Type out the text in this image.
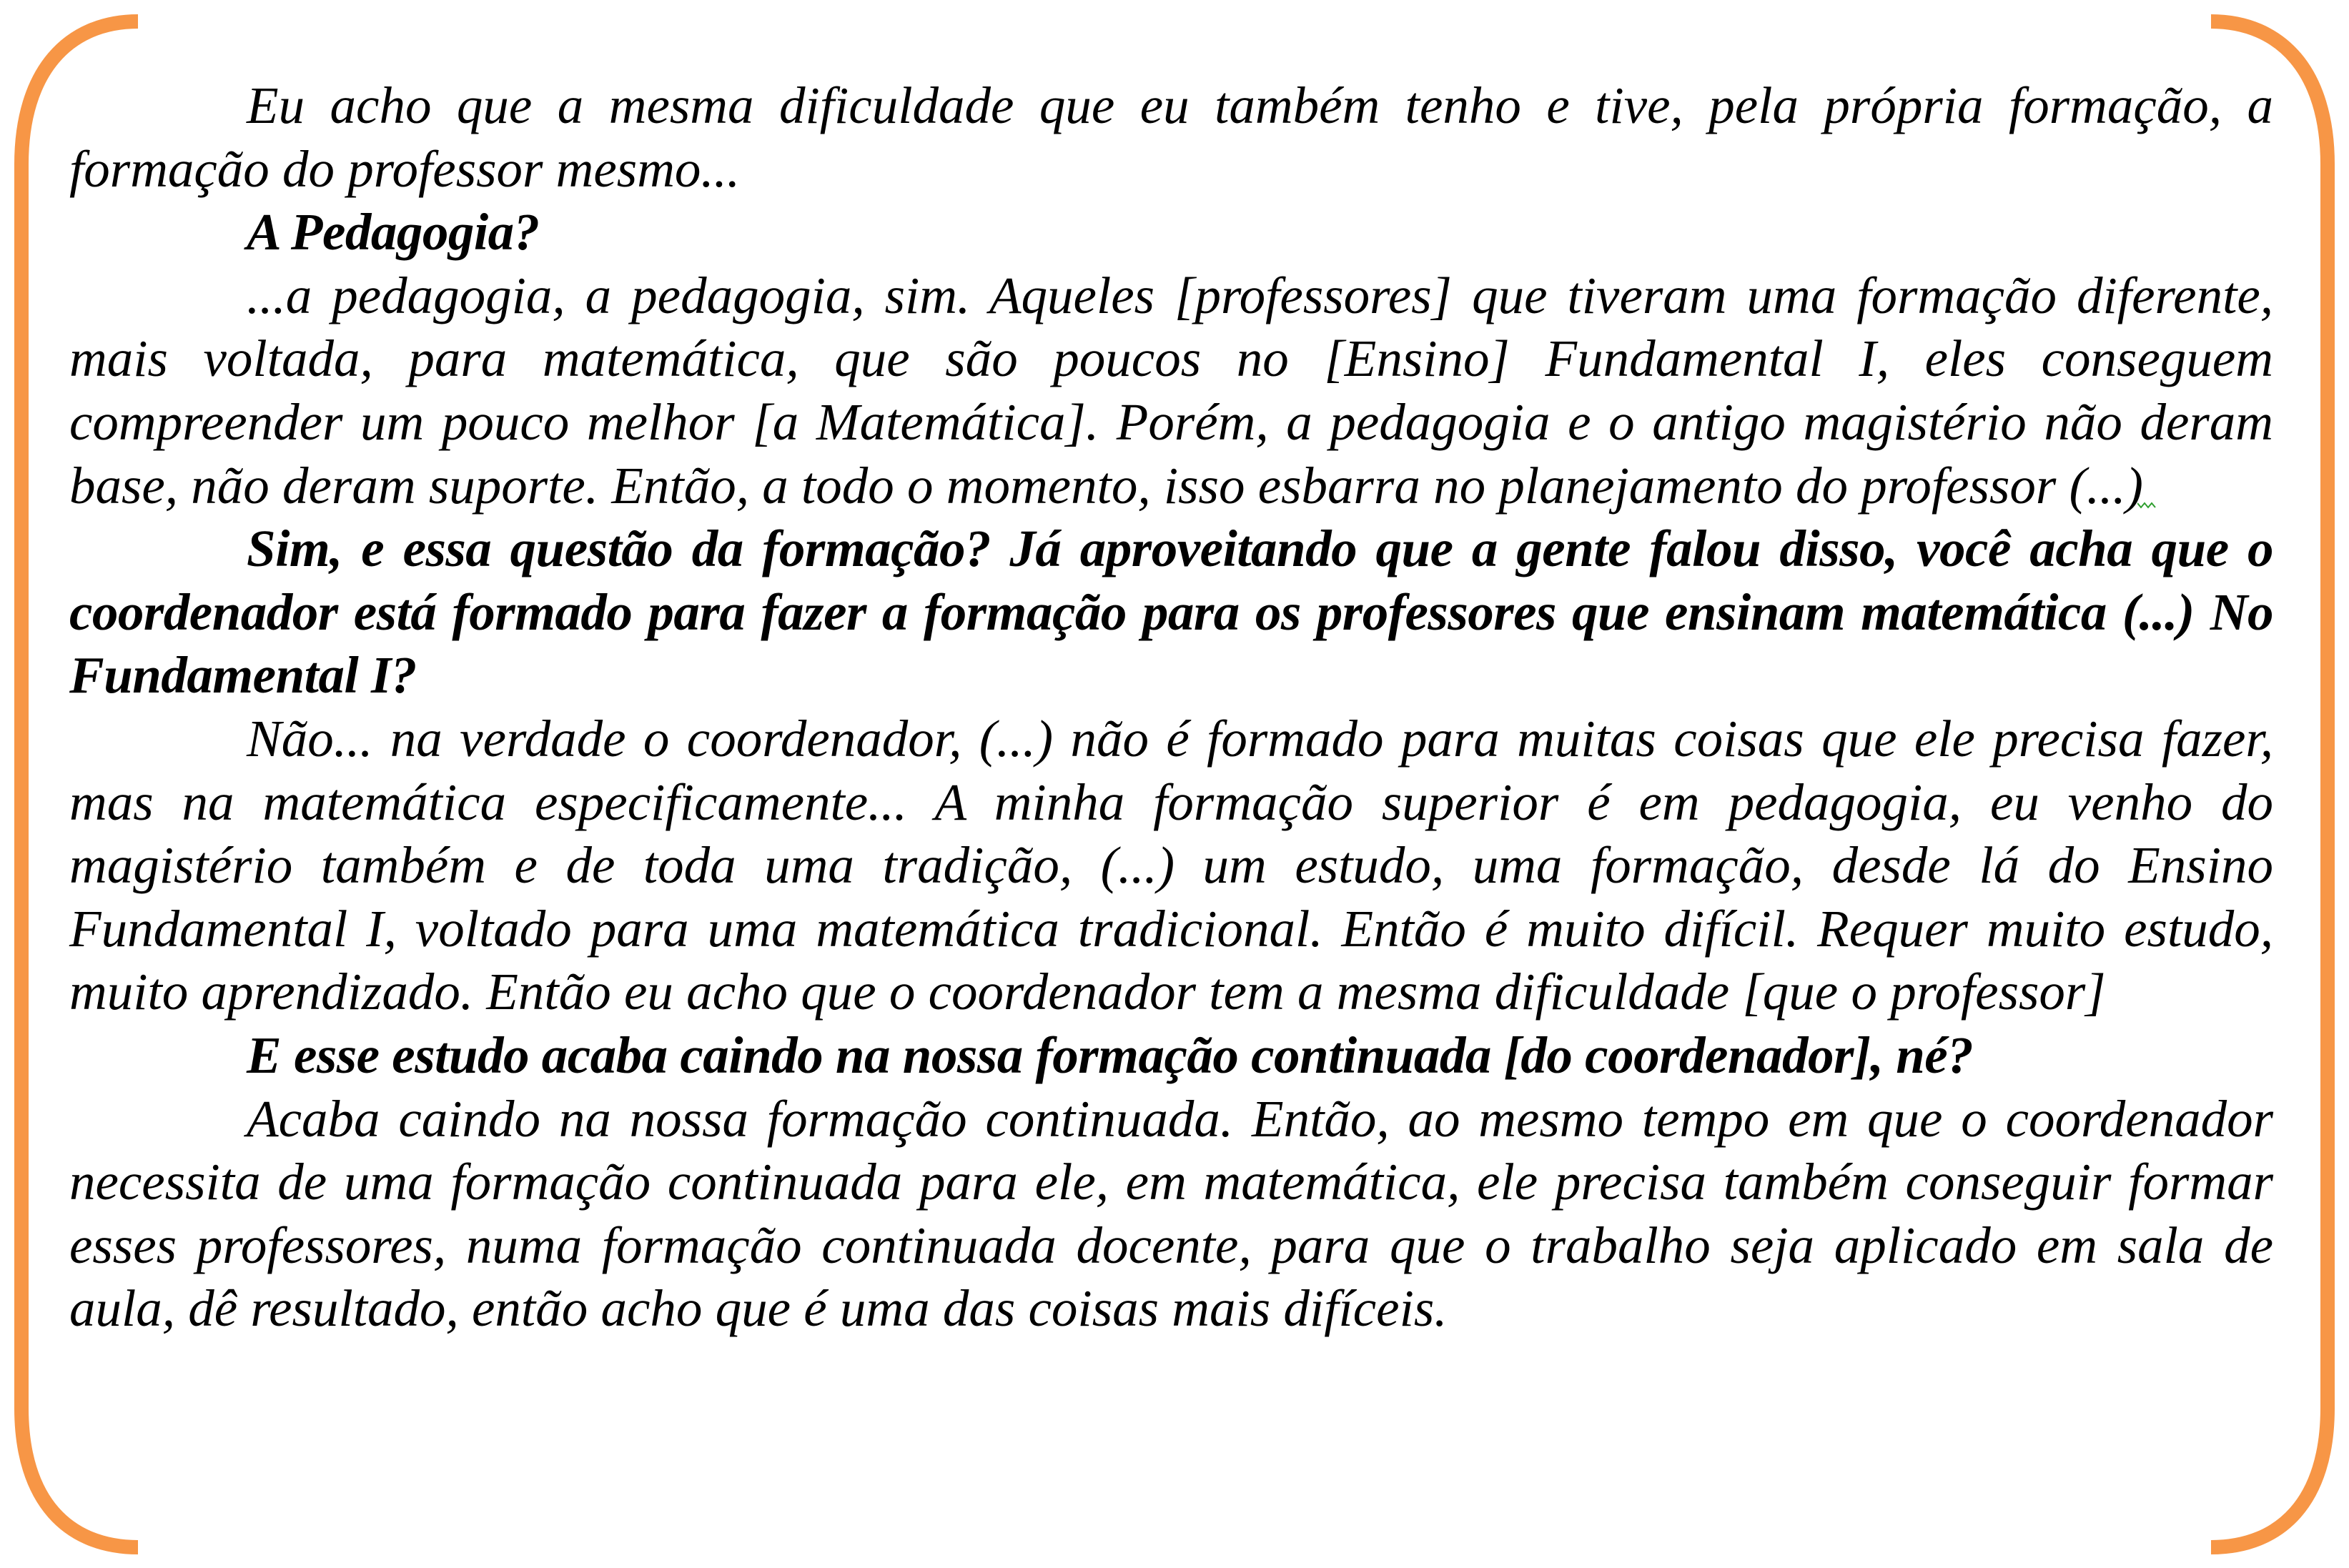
Eu acho que a mesma dificuldade que eu também tenho e tive, pela própria formação, a formação do professor mesmo...

A Pedagogia?

...a pedagogia, a pedagogia, sim. Aqueles [professores] que tiveram uma formação diferente, mais voltada, para matemática, que são poucos no [Ensino] Fundamental I, eles conseguem compreender um pouco melhor [a Matemática]. Porém, a pedagogia e o antigo magistério não deram base, não deram suporte. Então, a todo o momento, isso esbarra no planejamento do professor (...)

Sim, e essa questão da formação? Já aproveitando que a gente falou disso, você acha que o coordenador está formado para fazer a formação para os professores que ensinam matemática (...) No Fundamental I?

Não... na verdade o coordenador, (...) não é formado para muitas coisas que ele precisa fazer, mas na matemática especificamente... A minha formação superior é em pedagogia, eu venho do magistério também e de toda uma tradição, (...) um estudo, uma formação, desde lá do Ensino Fundamental I, voltado para uma matemática tradicional. Então é muito difícil. Requer muito estudo, muito aprendizado. Então eu acho que o coordenador tem a mesma dificuldade [que o professor]

E esse estudo acaba caindo na nossa formação continuada [do coordenador], né?

Acaba caindo na nossa formação continuada. Então, ao mesmo tempo em que o coordenador necessita de uma formação continuada para ele, em matemática, ele precisa também conseguir formar esses professores, numa formação continuada docente, para que o trabalho seja aplicado em sala de aula, dê resultado, então acho que é uma das coisas mais difíceis.
